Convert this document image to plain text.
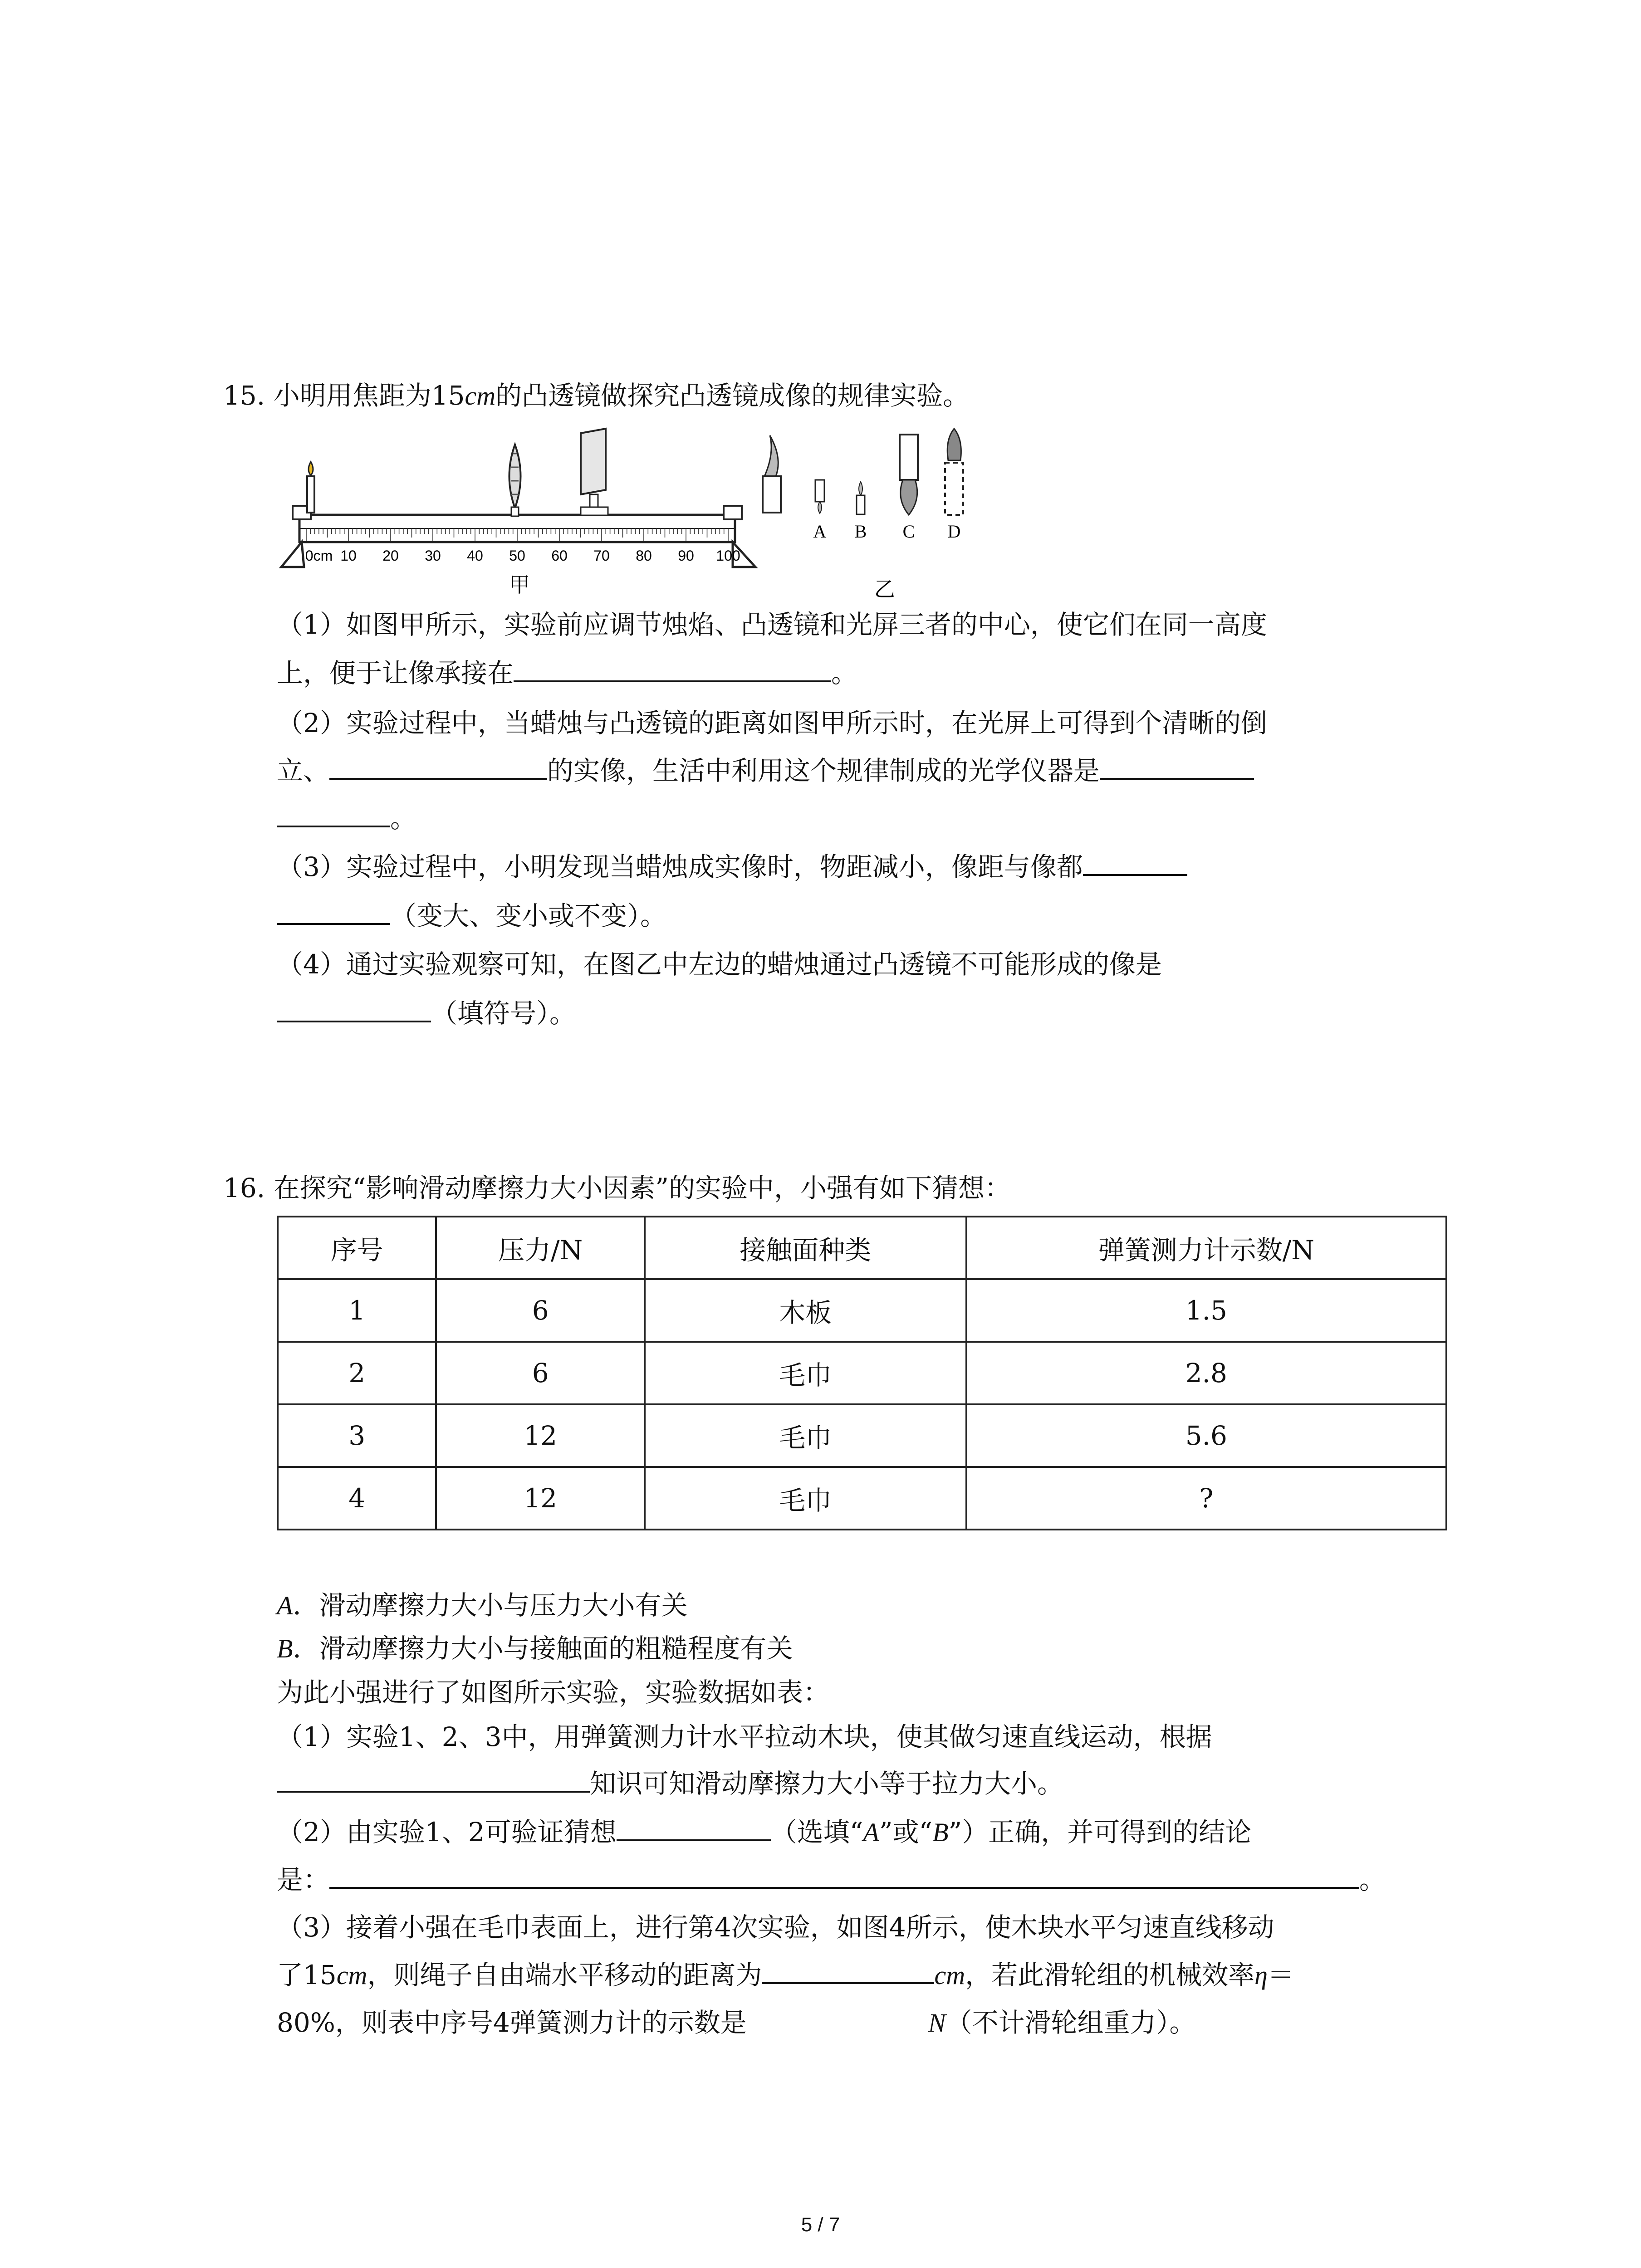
15. 小明用焦距为15cm的凸透镜做探究凸透镜成像的规律实验。
0cm 10 20 30 40 50 60 70 80 90 100
甲
A B C D
乙
（1）如图甲所示，实验前应调节烛焰、凸透镜和光屏三者的中心，使它们在同一高度
上，便于让像承接在	。
（2）实验过程中，当蜡烛与凸透镜的距离如图甲所示时，在光屏上可得到个清晰的倒
立、	的实像，生活中利用这个规律制成的光学仪器是
。
（3）实验过程中，小明发现当蜡烛成实像时，物距减小，像距与像都
（变大、变小或不变）。
（4）通过实验观察可知，在图乙中左边的蜡烛通过凸透镜不可能形成的像是
（填符号）。
16. 在探究“影响滑动摩擦力大小因素”的实验中，小强有如下猜想：
序号	压力/N	接触面种类	弹簧测力计示数/N
1	6	木板	1.5
2	6	毛巾	2.8
3	12	毛巾	5.6
4	12	毛巾	?
A．滑动摩擦力大小与压力大小有关
B．滑动摩擦力大小与接触面的粗糙程度有关
为此小强进行了如图所示实验，实验数据如表：
（1）实验1、2、3中，用弹簧测力计水平拉动木块，使其做匀速直线运动，根据
知识可知滑动摩擦力大小等于拉力大小。
（2）由实验1、2可验证猜想	（选填“A”或“B”）正确，并可得到的结论
是：	。
（3）接着小强在毛巾表面上，进行第4次实验，如图4所示，使木块水平匀速直线移动
了15cm，则绳子自由端水平移动的距离为	cm，若此滑轮组的机械效率η＝
80%，则表中序号4弹簧测力计的示数是	N（不计滑轮组重力）。
5 / 7
